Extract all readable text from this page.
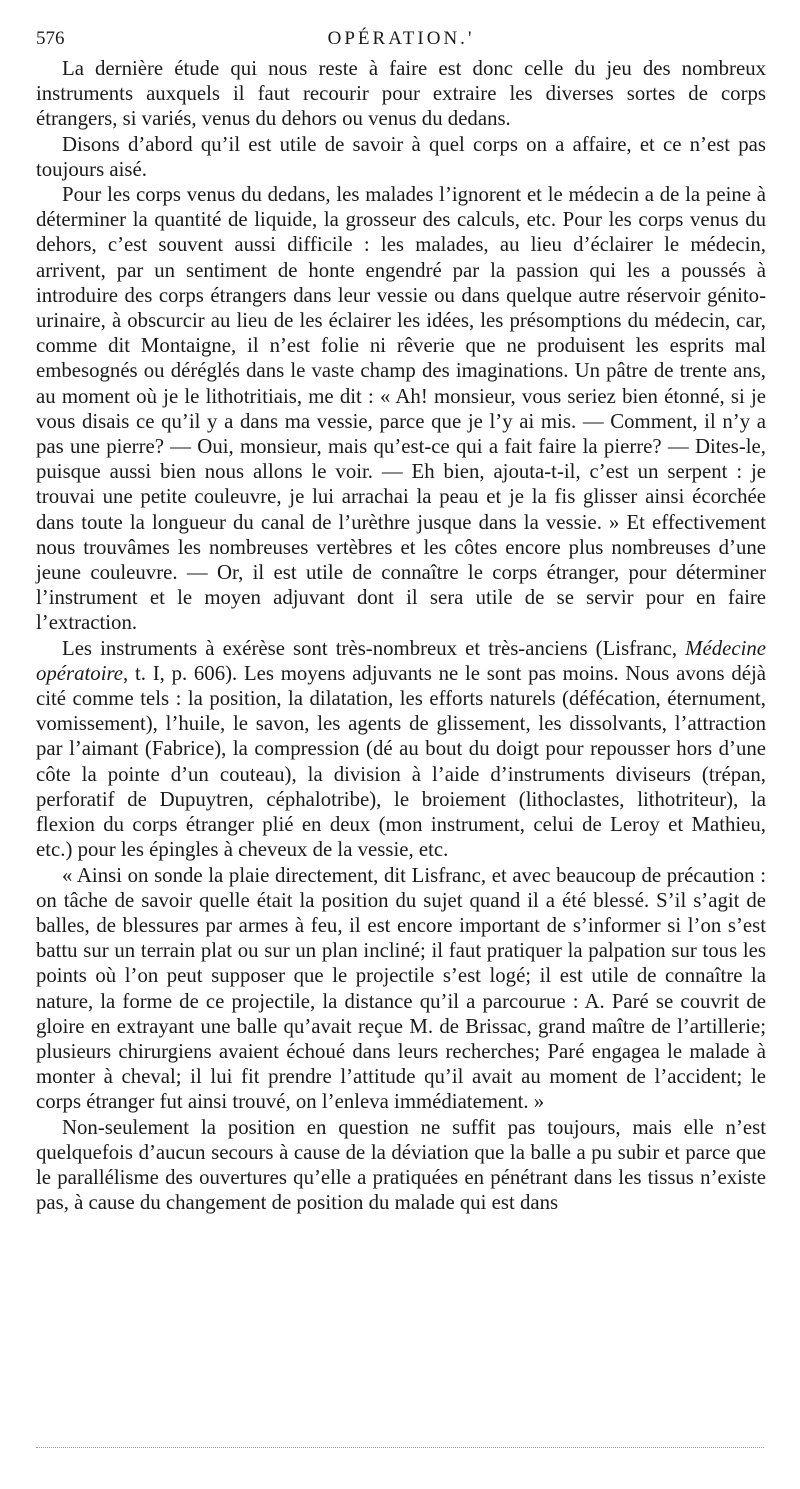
576	OPÉRATION.'

La dernière étude qui nous reste à faire est donc celle du jeu des nombreux instruments auxquels il faut recourir pour extraire les diverses sortes de corps étrangers, si variés, venus du dehors ou venus du dedans.

Disons d’abord qu’il est utile de savoir à quel corps on a affaire, et ce n’est pas toujours aisé.

Pour les corps venus du dedans, les malades l’ignorent et le médecin a de la peine à déterminer la quantité de liquide, la grosseur des calculs, etc. Pour les corps venus du dehors, c’est souvent aussi difficile : les malades, au lieu d’éclairer le médecin, arrivent, par un sentiment de honte engendré par la passion qui les a poussés à introduire des corps étrangers dans leur vessie ou dans quelque autre réservoir génito-urinaire, à obscurcir au lieu de les éclairer les idées, les présomptions du médecin, car, comme dit Montaigne, il n’est folie ni rêverie que ne produisent les esprits mal embesognés ou déréglés dans le vaste champ des imaginations. Un pâtre de trente ans, au moment où je le lithotritiais, me dit : « Ah! monsieur, vous seriez bien étonné, si je vous disais ce qu’il y a dans ma vessie, parce que je l’y ai mis. — Comment, il n’y a pas une pierre? — Oui, monsieur, mais qu’est-ce qui a fait faire la pierre? — Dites-le, puisque aussi bien nous allons le voir. — Eh bien, ajouta-t-il, c’est un serpent : je trouvai une petite couleuvre, je lui arrachai la peau et je la fis glisser ainsi écorchée dans toute la longueur du canal de l’urèthre jusque dans la vessie. » Et effectivement nous trouvâmes les nombreuses vertèbres et les côtes encore plus nombreuses d’une jeune couleuvre. — Or, il est utile de connaître le corps étranger, pour déterminer l’instrument et le moyen adjuvant dont il sera utile de se servir pour en faire l’extraction.

Les instruments à exérèse sont très-nombreux et très-anciens (Lisfranc, Médecine opératoire, t. I, p. 606). Les moyens adjuvants ne le sont pas moins. Nous avons déjà cité comme tels : la position, la dilatation, les efforts naturels (défécation, éternument, vomissement), l’huile, le savon, les agents de glissement, les dissolvants, l’attraction par l’aimant (Fabrice), la compression (dé au bout du doigt pour repousser hors d’une côte la pointe d’un couteau), la division à l’aide d’instruments diviseurs (trépan, perforatif de Dupuytren, céphalotribe), le broiement (lithoclastes, lithotriteur), la flexion du corps étranger plié en deux (mon instrument, celui de Leroy et Mathieu, etc.) pour les épingles à cheveux de la vessie, etc.

« Ainsi on sonde la plaie directement, dit Lisfranc, et avec beaucoup de précaution : on tâche de savoir quelle était la position du sujet quand il a été blessé. S’il s’agit de balles, de blessures par armes à feu, il est encore important de s’informer si l’on s’est battu sur un terrain plat ou sur un plan incliné; il faut pratiquer la palpation sur tous les points où l’on peut supposer que le projectile s’est logé; il est utile de connaître la nature, la forme de ce projectile, la distance qu’il a parcourue : A. Paré se couvrit de gloire en extrayant une balle qu’avait reçue M. de Brissac, grand maître de l’artillerie; plusieurs chirurgiens avaient échoué dans leurs recherches; Paré engagea le malade à monter à cheval; il lui fit prendre l’attitude qu’il avait au moment de l’accident; le corps étranger fut ainsi trouvé, on l’enleva immédiatement. »

Non-seulement la position en question ne suffit pas toujours, mais elle n’est quelquefois d’aucun secours à cause de la déviation que la balle a pu subir et parce que le parallélisme des ouvertures qu’elle a pratiquées en pénétrant dans les tissus n’existe pas, à cause du changement de position du malade qui est dans
